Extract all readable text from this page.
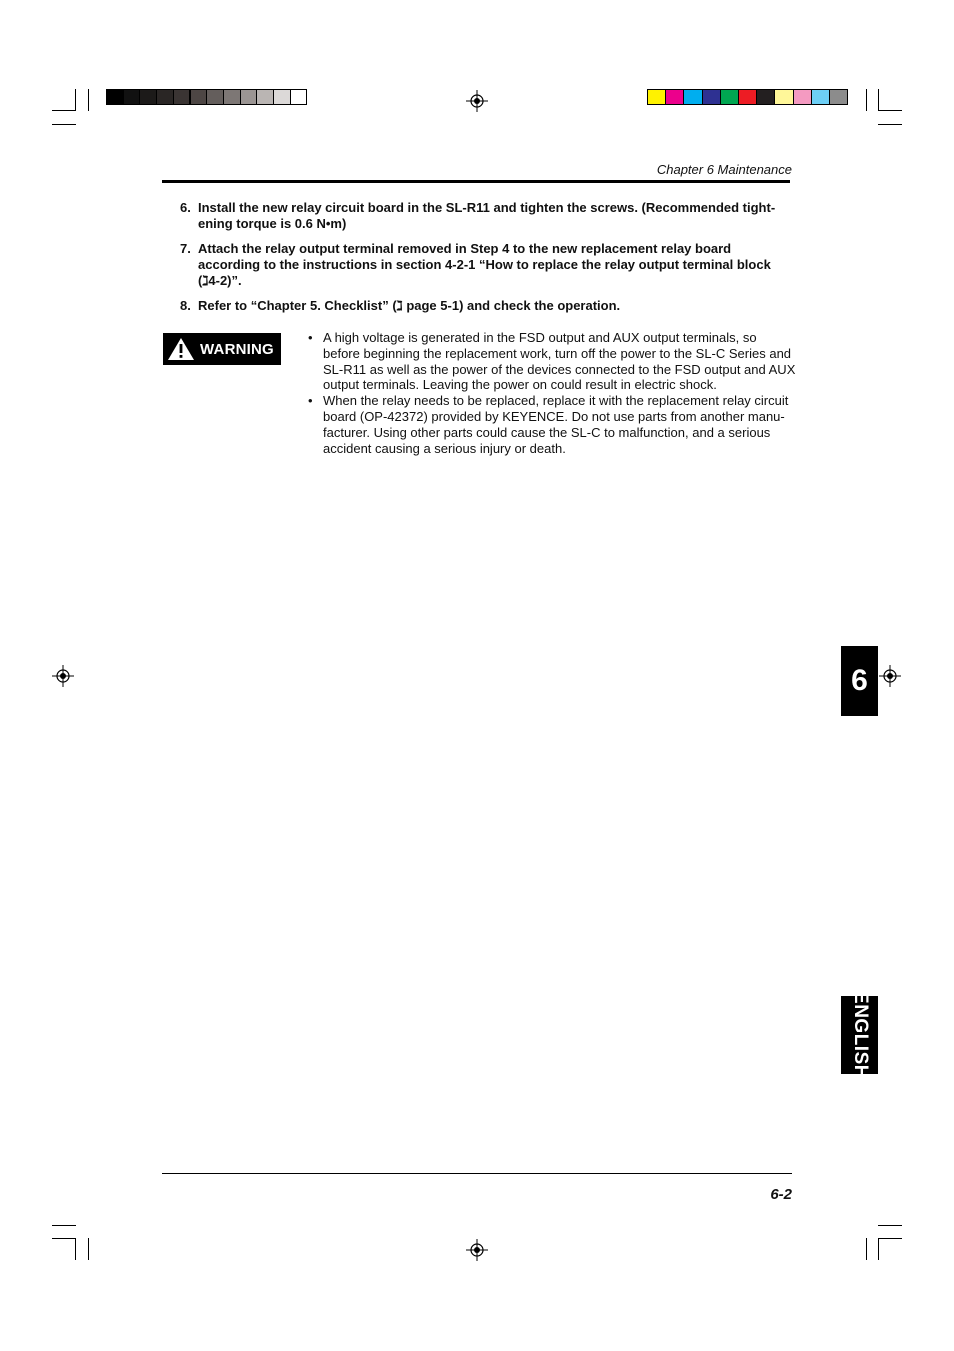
Chapter 6 Maintenance
6. Install the new relay circuit board in the SL-R11 and tighten the screws. (Recommended tight-ening torque is 0.6 N•m)
7. Attach the relay output terminal removed in Step 4 to the new replacement relay board according to the instructions in section 4-2-1 “How to replace the relay output terminal block (ℷ4-2)”.
8. Refer to “Chapter 5. Checklist” (ℷ page 5-1) and check the operation.
WARNING
• A high voltage is generated in the FSD output and AUX output terminals, so before beginning the replacement work, turn off the power to the SL-C Series and SL-R11 as well as the power of the devices connected to the FSD output and AUX output terminals. Leaving the power on could result in electric shock.
• When the relay needs to be replaced, replace it with the replacement relay circuit board (OP-42372) provided by KEYENCE. Do not use parts from another manu-facturer. Using other parts could cause the SL-C to malfunction, and a serious accident causing a serious injury or death.
6
ENGLISH
6-2
